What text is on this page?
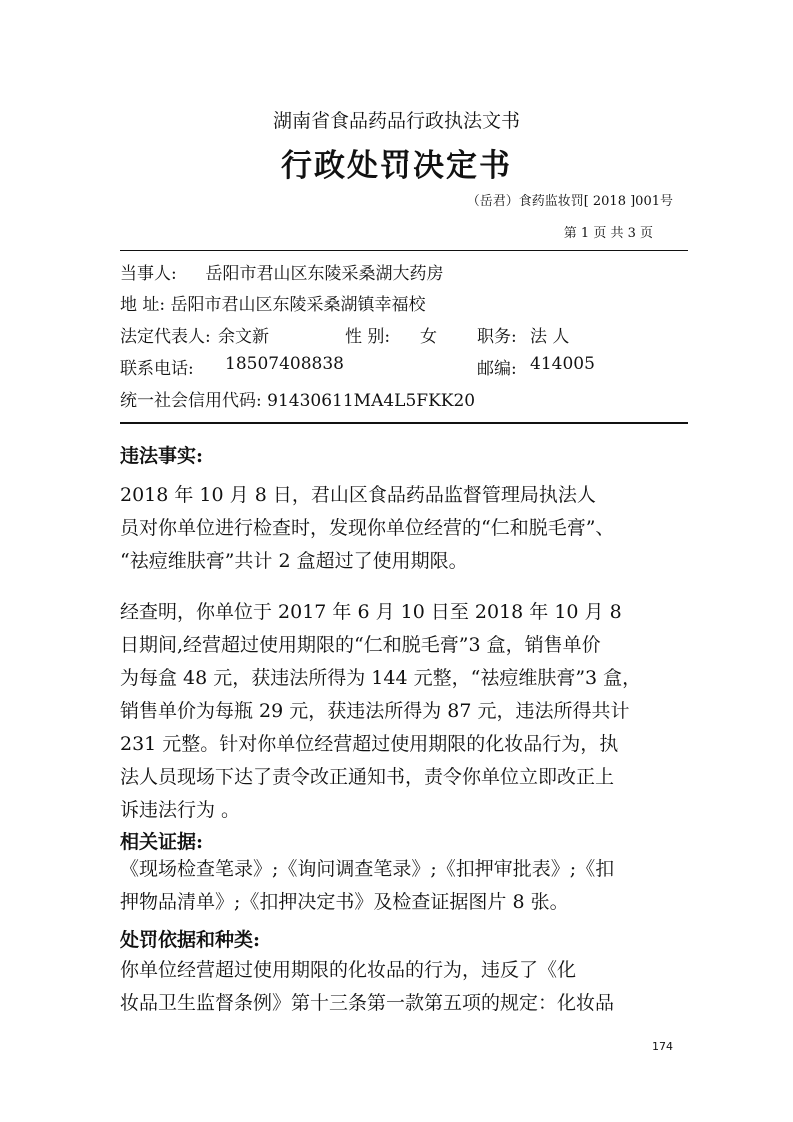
湖南省食品药品行政执法文书
行政处罚决定书
（岳君）食药监妆罚[ 2018 ]001号
第 1 页 共 3 页
当事人: 岳阳市君山区东陵采桑湖大药房
地 址: 岳阳市君山区东陵采桑湖镇幸福校
法定代表人: 余文新	性 别: 女 职务: 法 人
联系电话: 18507408838	邮编: 414005
统一社会信用代码: 91430611MA4L5FKK20
违法事实:
2018 年 10 月 8 日，君山区食品药品监督管理局执法人
员对你单位进行检查时，发现你单位经营的“仁和脱毛膏”、
“祛痘维肤膏”共计 2 盒超过了使用期限。
经查明，你单位于 2017 年 6 月 10 日至 2018 年 10 月 8
日期间,经营超过使用期限的“仁和脱毛膏”3 盒，销售单价
为每盒 48 元，获违法所得为 144 元整，“祛痘维肤膏”3 盒，
销售单价为每瓶 29 元，获违法所得为 87 元，违法所得共计
231 元整。针对你单位经营超过使用期限的化妆品行为，执
法人员现场下达了责令改正通知书，责令你单位立即改正上
诉违法行为 。
相关证据:
《现场检查笔录》;《询问调查笔录》;《扣押审批表》;《扣
押物品清单》;《扣押决定书》及检查证据图片 8 张。
处罚依据和种类:
你单位经营超过使用期限的化妆品的行为，违反了《化
妆品卫生监督条例》第十三条第一款第五项的规定：化妆品
174
